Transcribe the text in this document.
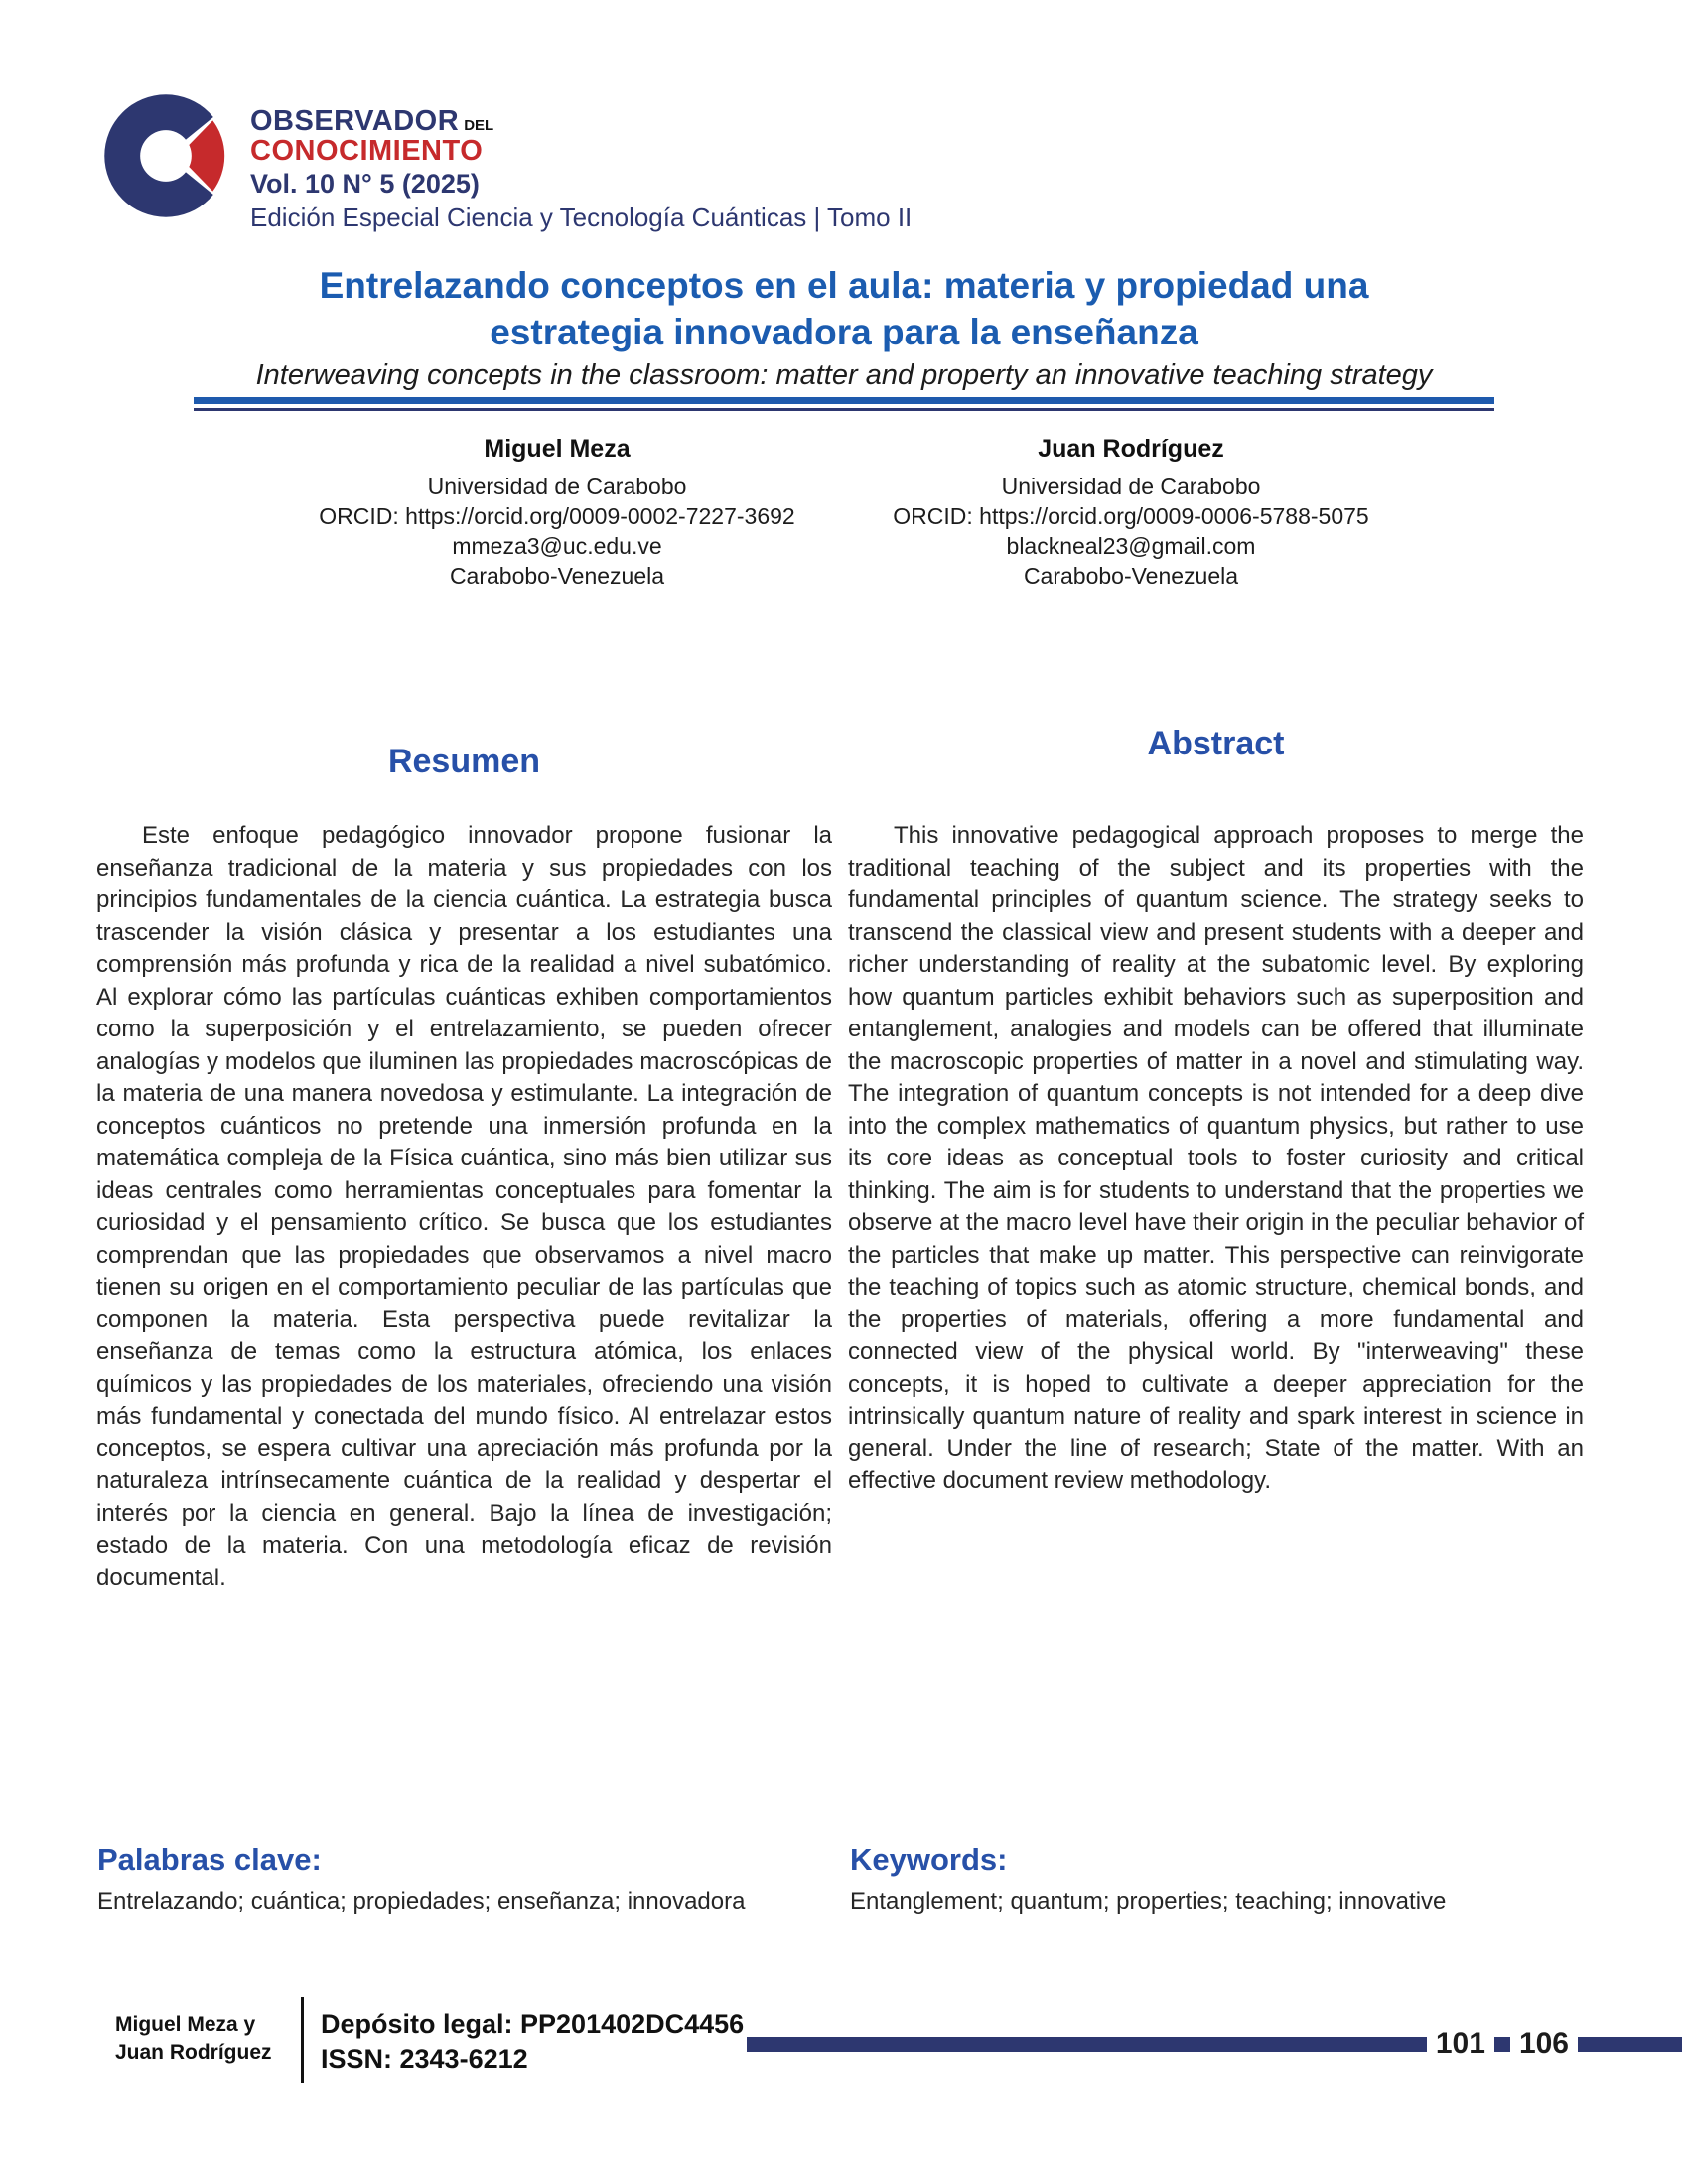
OBSERVADOR DEL
CONOCIMIENTO
Vol. 10 N° 5 (2025)
Edición Especial Ciencia y Tecnología Cuánticas | Tomo II
Entrelazando conceptos en el aula: materia y propiedad una estrategia innovadora para la enseñanza
Interweaving concepts in the classroom: matter and property an innovative teaching strategy
Miguel Meza
Universidad de Carabobo
ORCID: https://orcid.org/0009-0002-7227-3692
mmeza3@uc.edu.ve
Carabobo-Venezuela
Juan Rodríguez
Universidad de Carabobo
ORCID: https://orcid.org/0009-0006-5788-5075
blackneal23@gmail.com
Carabobo-Venezuela
Resumen

Este enfoque pedagógico innovador propone fusionar la enseñanza tradicional de la materia y sus propiedades con los principios fundamentales de la ciencia cuántica. La estrategia busca trascender la visión clásica y presentar a los estudiantes una comprensión más profunda y rica de la realidad a nivel subatómico. Al explorar cómo las partículas cuánticas exhiben comportamientos como la superposición y el entrelazamiento, se pueden ofrecer analogías y modelos que iluminen las propiedades macroscópicas de la materia de una manera novedosa y estimulante. La integración de conceptos cuánticos no pretende una inmersión profunda en la matemática compleja de la Física cuántica, sino más bien utilizar sus ideas centrales como herramientas conceptuales para fomentar la curiosidad y el pensamiento crítico. Se busca que los estudiantes comprendan que las propiedades que observamos a nivel macro tienen su origen en el comportamiento peculiar de las partículas que componen la materia. Esta perspectiva puede revitalizar la enseñanza de temas como la estructura atómica, los enlaces químicos y las propiedades de los materiales, ofreciendo una visión más fundamental y conectada del mundo físico. Al entrelazar estos conceptos, se espera cultivar una apreciación más profunda por la naturaleza intrínsecamente cuántica de la realidad y despertar el interés por la ciencia en general. Bajo la línea de investigación; estado de la materia. Con una metodología eficaz de revisión documental.

Abstract

This innovative pedagogical approach proposes to merge the traditional teaching of the subject and its properties with the fundamental principles of quantum science. The strategy seeks to transcend the classical view and present students with a deeper and richer understanding of reality at the subatomic level. By exploring how quantum particles exhibit behaviors such as superposition and entanglement, analogies and models can be offered that illuminate the macroscopic properties of matter in a novel and stimulating way. The integration of quantum concepts is not intended for a deep dive into the complex mathematics of quantum physics, but rather to use its core ideas as conceptual tools to foster curiosity and critical thinking. The aim is for students to understand that the properties we observe at the macro level have their origin in the peculiar behavior of the particles that make up matter. This perspective can reinvigorate the teaching of topics such as atomic structure, chemical bonds, and the properties of materials, offering a more fundamental and connected view of the physical world. By "interweaving" these concepts, it is hoped to cultivate a deeper appreciation for the intrinsically quantum nature of reality and spark interest in science in general. Under the line of research; State of the matter. With an effective document review methodology.

Palabras clave:

Entrelazando; cuántica; propiedades; enseñanza; innovadora

Keywords:

Entanglement; quantum; properties; teaching; innovative

Miguel Meza y
Juan Rodríguez
Depósito legal: PP201402DC4456
ISSN: 2343-6212	101 106
